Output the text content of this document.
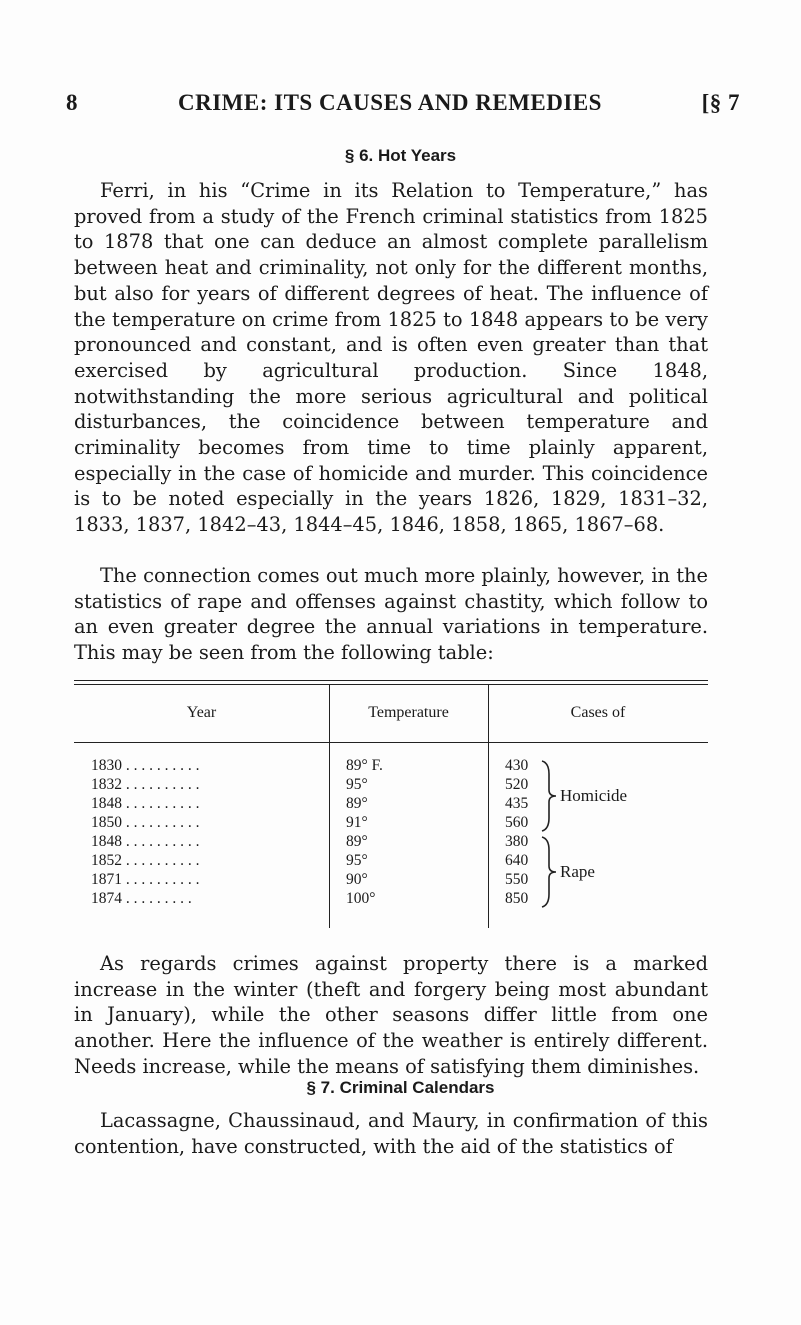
8	CRIME: ITS CAUSES AND REMEDIES	[§ 7
§ 6. Hot Years

Ferri, in his “Crime in its Relation to Temperature,” has proved from a study of the French criminal statistics from 1825 to 1878 that one can deduce an almost complete parallelism between heat and criminality, not only for the different months, but also for years of different degrees of heat. The influence of the temperature on crime from 1825 to 1848 appears to be very pronounced and constant, and is often even greater than that exercised by agricultural production. Since 1848, notwithstanding the more serious agricultural and political disturbances, the coincidence between temperature and criminality becomes from time to time plainly apparent, especially in the case of homicide and murder. This coincidence is to be noted especially in the years 1826, 1829, 1831–32, 1833, 1837, 1842–43, 1844–45, 1846, 1858, 1865, 1867–68.

The connection comes out much more plainly, however, in the statistics of rape and offenses against chastity, which follow to an even greater degree the annual variations in temperature. This may be seen from the following table:

Year	Temperature	Cases of
1830 . . . . . . . . . .	89° F.	430
1832 . . . . . . . . . .	95°	520
1848 . . . . . . . . . .	89°	435
1850 . . . . . . . . . .	91°	560
1848 . . . . . . . . . .	89°	380
1852 . . . . . . . . . .	95°	640
1871 . . . . . . . . . .	90°	550
1874 . . . . . . . . .	100°	850
Homicide
Rape

As regards crimes against property there is a marked increase in the winter (theft and forgery being most abundant in January), while the other seasons differ little from one another. Here the influence of the weather is entirely different. Needs increase, while the means of satisfying them diminishes.

§ 7. Criminal Calendars

Lacassagne, Chaussinaud, and Maury, in confirmation of this contention, have constructed, with the aid of the statistics of
